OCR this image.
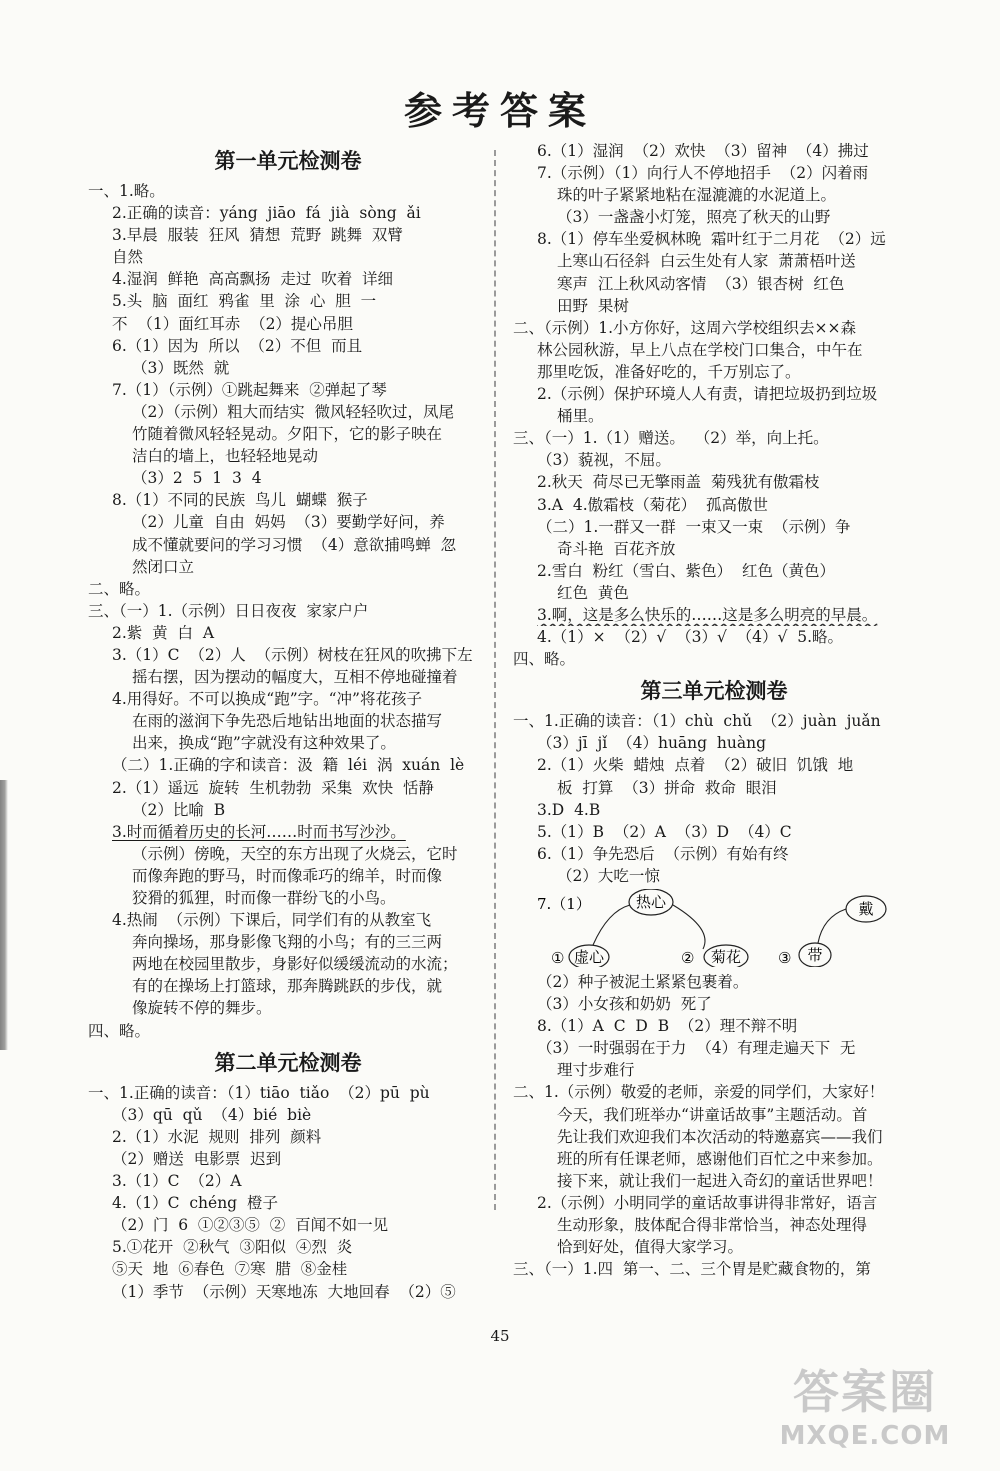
参考答案
第一单元检测卷
一、1.略。
2.正确的读音：yáng  jiāo  fá  jià  sòng  ǎi
3.早晨  服装  狂风  猜想  荒野  跳舞  双臂
自然
4.湿润  鲜艳  高高飘扬  走过  吹着  详细
5.头  脑  面红  鸦雀  里  涂  心  胆  一
不  （1）面红耳赤  （2）提心吊胆
6.（1）因为  所以  （2）不但  而且
（3）既然  就
7.（1）（示例）①跳起舞来  ②弹起了琴
（2）（示例）粗大而结实  微风轻轻吹过，凤尾
竹随着微风轻轻晃动。夕阳下，它的影子映在
洁白的墙上，也轻轻地晃动
（3）2  5  1  3  4
8.（1）不同的民族  鸟儿  蝴蝶  猴子
（2）儿童  自由  妈妈  （3）要勤学好问，养
成不懂就要问的学习习惯  （4）意欲捕鸣蝉  忽
然闭口立
二、略。
三、（一）1.（示例）日日夜夜  家家户户
2.紫  黄  白  A
3.（1）C  （2）人  （示例）树枝在狂风的吹拂下左
摇右摆，因为摆动的幅度大，互相不停地碰撞着
4.用得好。不可以换成“跑”字。“冲”将花孩子
在雨的滋润下争先恐后地钻出地面的状态描写
出来，换成“跑”字就没有这种效果了。
（二）1.正确的字和读音：汲  籍  léi  涡  xuán  lè
2.（1）遥远  旋转  生机勃勃  采集  欢快  恬静
（2）比喻  B
3.时而循着历史的长河……时而书写沙沙。
（示例）傍晚，天空的东方出现了火烧云，它时
而像奔跑的野马，时而像乖巧的绵羊，时而像
狡猾的狐狸，时而像一群纷飞的小鸟。
4.热闹  （示例）下课后，同学们有的从教室飞
奔向操场，那身影像飞翔的小鸟；有的三三两
两地在校园里散步，身影好似缓缓流动的水流；
有的在操场上打篮球，那奔腾跳跃的步伐，就
像旋转不停的舞步。
四、略。
第二单元检测卷
一、1.正确的读音：（1）tiāo  tiǎo  （2）pū  pù
（3）qū  qǔ  （4）bié  biè
2.（1）水泥  规则  排列  颜料
（2）赠送  电影票  迟到
3.（1）C  （2）A
4.（1）C  chéng  橙子
（2）门  6  ①②③⑤  ②  百闻不如一见
5.①花开  ②秋气  ③阳似  ④烈  炎
⑤天  地  ⑥春色  ⑦寒  腊  ⑧金桂
（1）季节  （示例）天寒地冻  大地回春  （2）⑤
6.（1）湿润  （2）欢快  （3）留神  （4）拂过
7.（示例）（1）向行人不停地招手  （2）闪着雨
珠的叶子紧紧地粘在湿漉漉的水泥道上。
（3）一盏盏小灯笼，照亮了秋天的山野
8.（1）停车坐爱枫林晚  霜叶红于二月花  （2）远
上寒山石径斜  白云生处有人家  萧萧梧叶送
寒声  江上秋风动客情  （3）银杏树  红色
田野  果树
二、（示例）1.小方你好，这周六学校组织去××森
林公园秋游，早上八点在学校门口集合，中午在
那里吃饭，准备好吃的，千万别忘了。
2.（示例）保护环境人人有责，请把垃圾扔到垃圾
桶里。
三、（一）1.（1）赠送。  （2）举，向上托。
（3）藐视，不屈。
2.秋天  荷尽已无擎雨盖  菊残犹有傲霜枝
3.A  4.傲霜枝（菊花）  孤高傲世
（二）1.一群又一群  一束又一束  （示例）争
奇斗艳  百花齐放
2.雪白  粉红（雪白、紫色）  红色（黄色）
红色  黄色
3.啊，这是多么快乐的……这是多么明亮的早晨。
4.（1）×  （2）√  （3）√  （4）√  5.略。
四、略。
第三单元检测卷
一、1.正确的读音：（1）chù  chǔ  （2）juàn  juǎn
（3）jī  jǐ  （4）huāng  huàng
2.（1）火柴  蜡烛  点着  （2）破旧  饥饿  地
板  打算  （3）拼命  救命  眼泪
3.D  4.B
5.（1）B  （2）A  （3）D  （4）C
6.（1）争先恐后  （示例）有始有终
（2）大吃一惊
7.（1）	热心	戴
① 虚心	② 菊花 ③ 带
（2）种子被泥土紧紧包裹着。
（3）小女孩和奶奶  死了
8.（1）A  C  D  B  （2）理不辩不明
（3）一时强弱在于力  （4）有理走遍天下  无
理寸步难行
二、1.（示例）敬爱的老师，亲爱的同学们，大家好！
今天，我们班举办“讲童话故事”主题活动。首
先让我们欢迎我们本次活动的特邀嘉宾——我们
班的所有任课老师，感谢他们百忙之中来参加。
接下来，就让我们一起进入奇幻的童话世界吧！
2.（示例）小明同学的童话故事讲得非常好，语言
生动形象，肢体配合得非常恰当，神态处理得
恰到好处，值得大家学习。
三、（一）1.四  第一、二、三个胃是贮藏食物的，第
45
答案圈
MXQE.COM
